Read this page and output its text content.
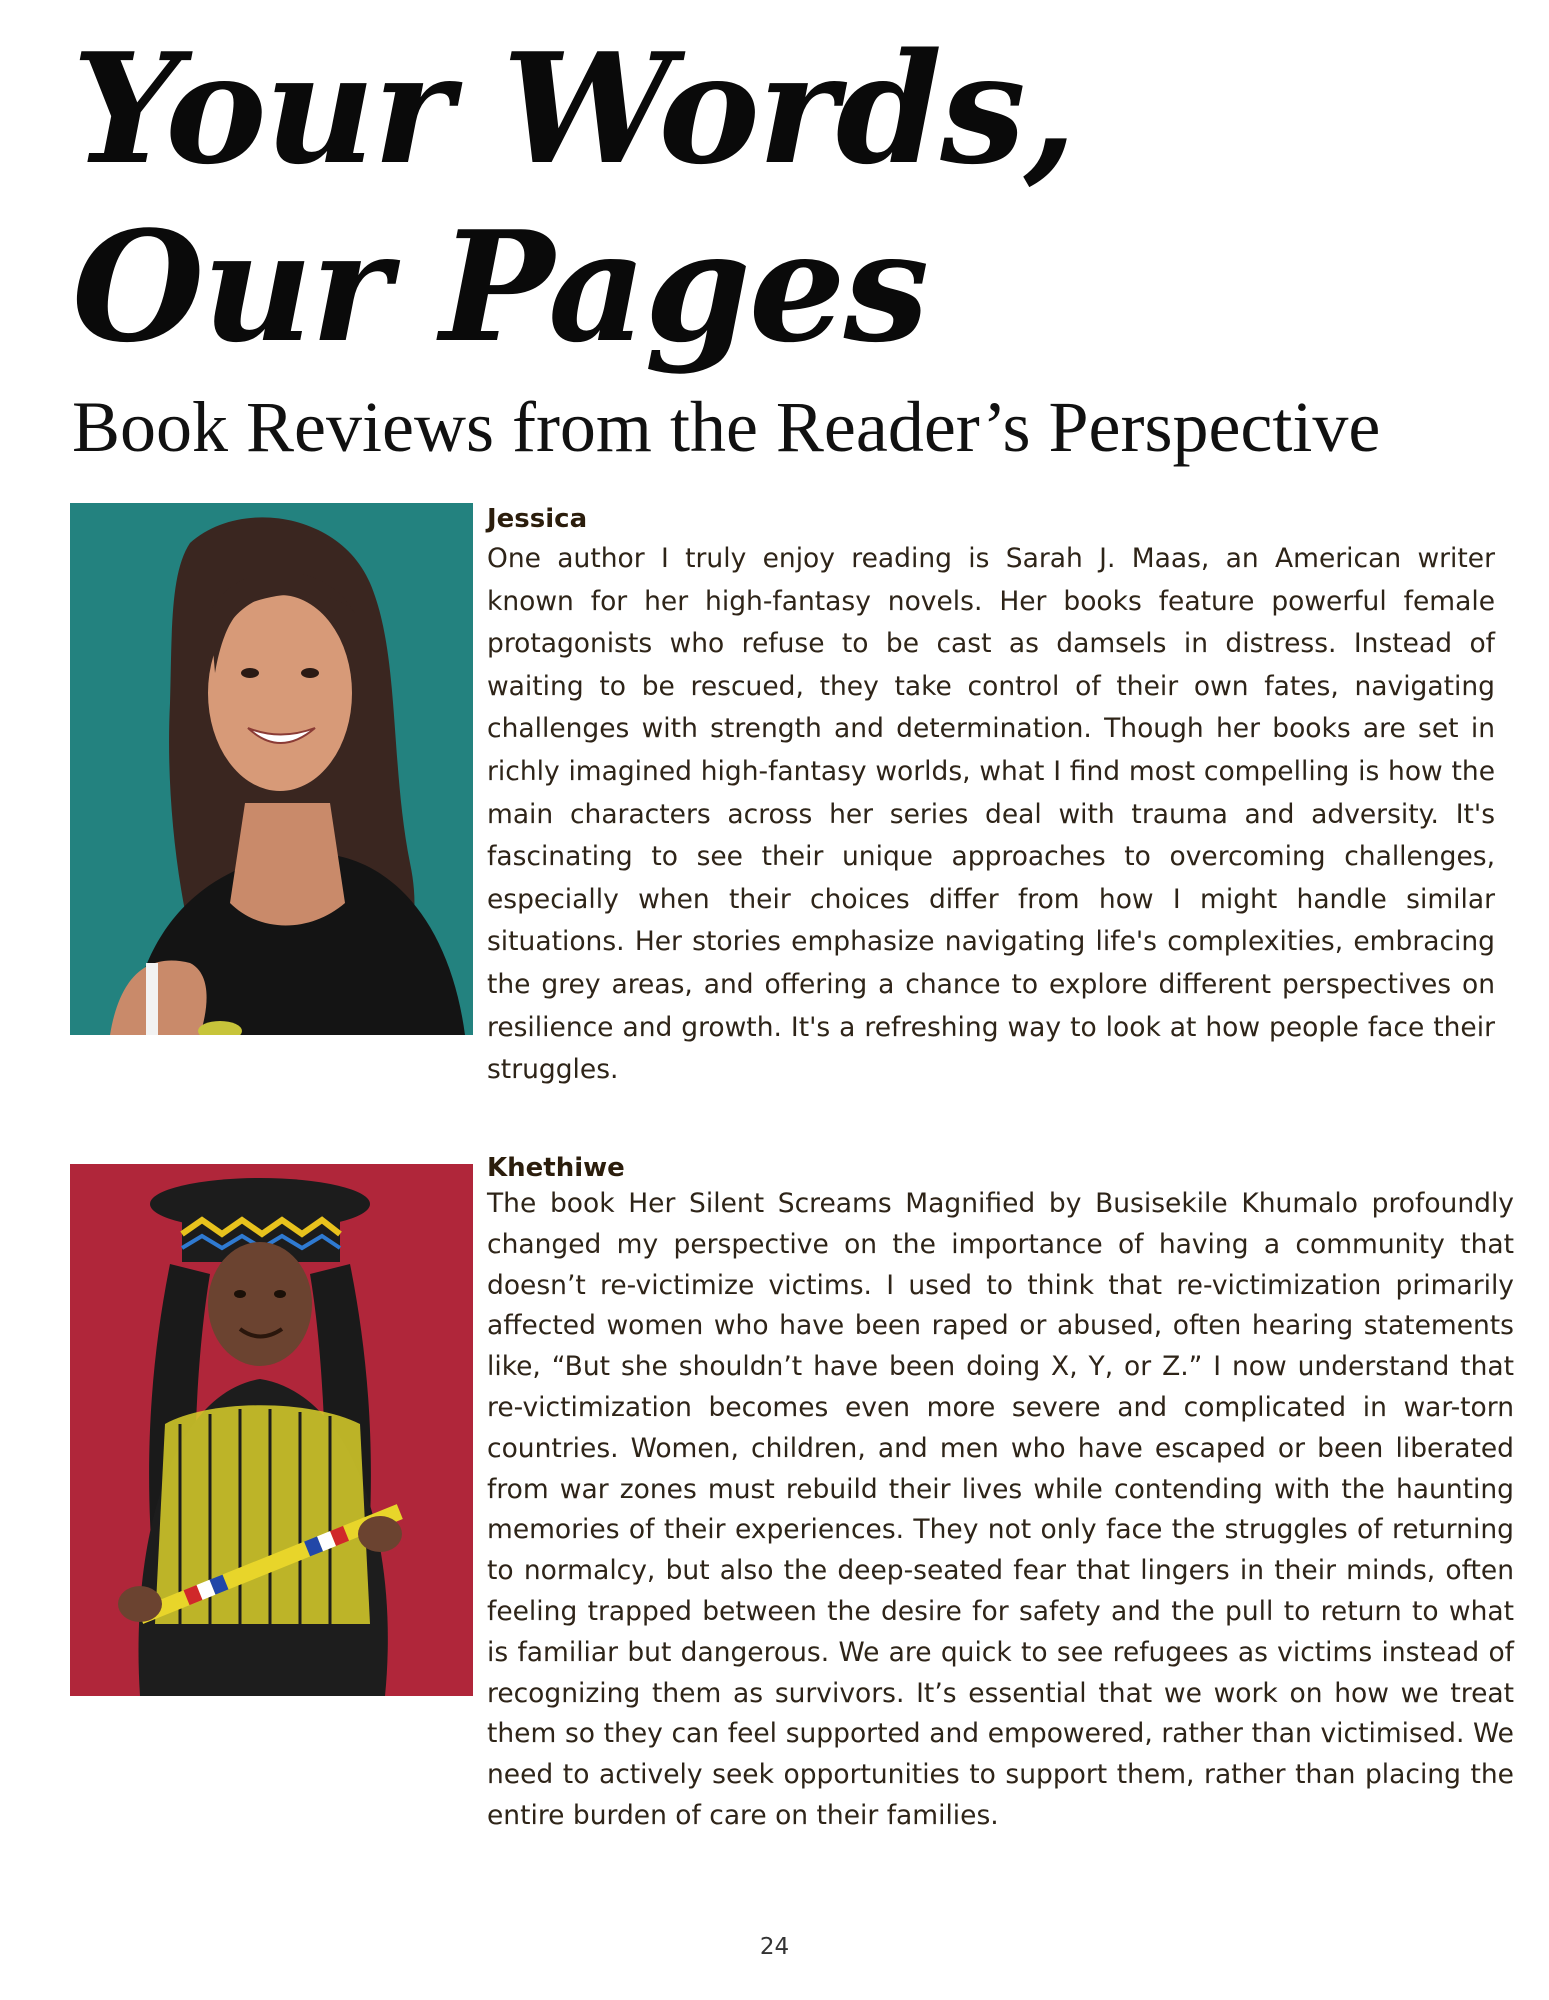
Your Words,
Our Pages
Book Reviews from the Reader’s Perspective

Jessica

One author I truly enjoy reading is Sarah J. Maas, an American writer known for her high-fantasy novels. Her books feature powerful female protagonists who refuse to be cast as damsels in distress. Instead of waiting to be rescued, they take control of their own fates, navigating challenges with strength and determination. Though her books are set in richly imagined high-fantasy worlds, what I find most compelling is how the main characters across her series deal with trauma and adversity. It's fascinating to see their unique approaches to overcoming challenges, especially when their choices differ from how I might handle similar situations. Her stories emphasize navigating life's complexities, embracing the grey areas, and offering a chance to explore different perspectives on resilience and growth. It's a refreshing way to look at how people face their struggles.

Khethiwe

The book Her Silent Screams Magnified by Busisekile Khumalo profoundly changed my perspective on the importance of having a community that doesn’t re-victimize victims. I used to think that re-victimization primarily affected women who have been raped or abused, often hearing statements like, “But she shouldn’t have been doing X, Y, or Z.” I now understand that re-victimization becomes even more severe and complicated in war-torn countries. Women, children, and men who have escaped or been liberated from war zones must rebuild their lives while contending with the haunting memories of their experiences. They not only face the struggles of returning to normalcy, but also the deep-seated fear that lingers in their minds, often feeling trapped between the desire for safety and the pull to return to what is familiar but dangerous. We are quick to see refugees as victims instead of recognizing them as survivors. It’s essential that we work on how we treat them so they can feel supported and empowered, rather than victimised. We need to actively seek opportunities to support them, rather than placing the entire burden of care on their families.

24
